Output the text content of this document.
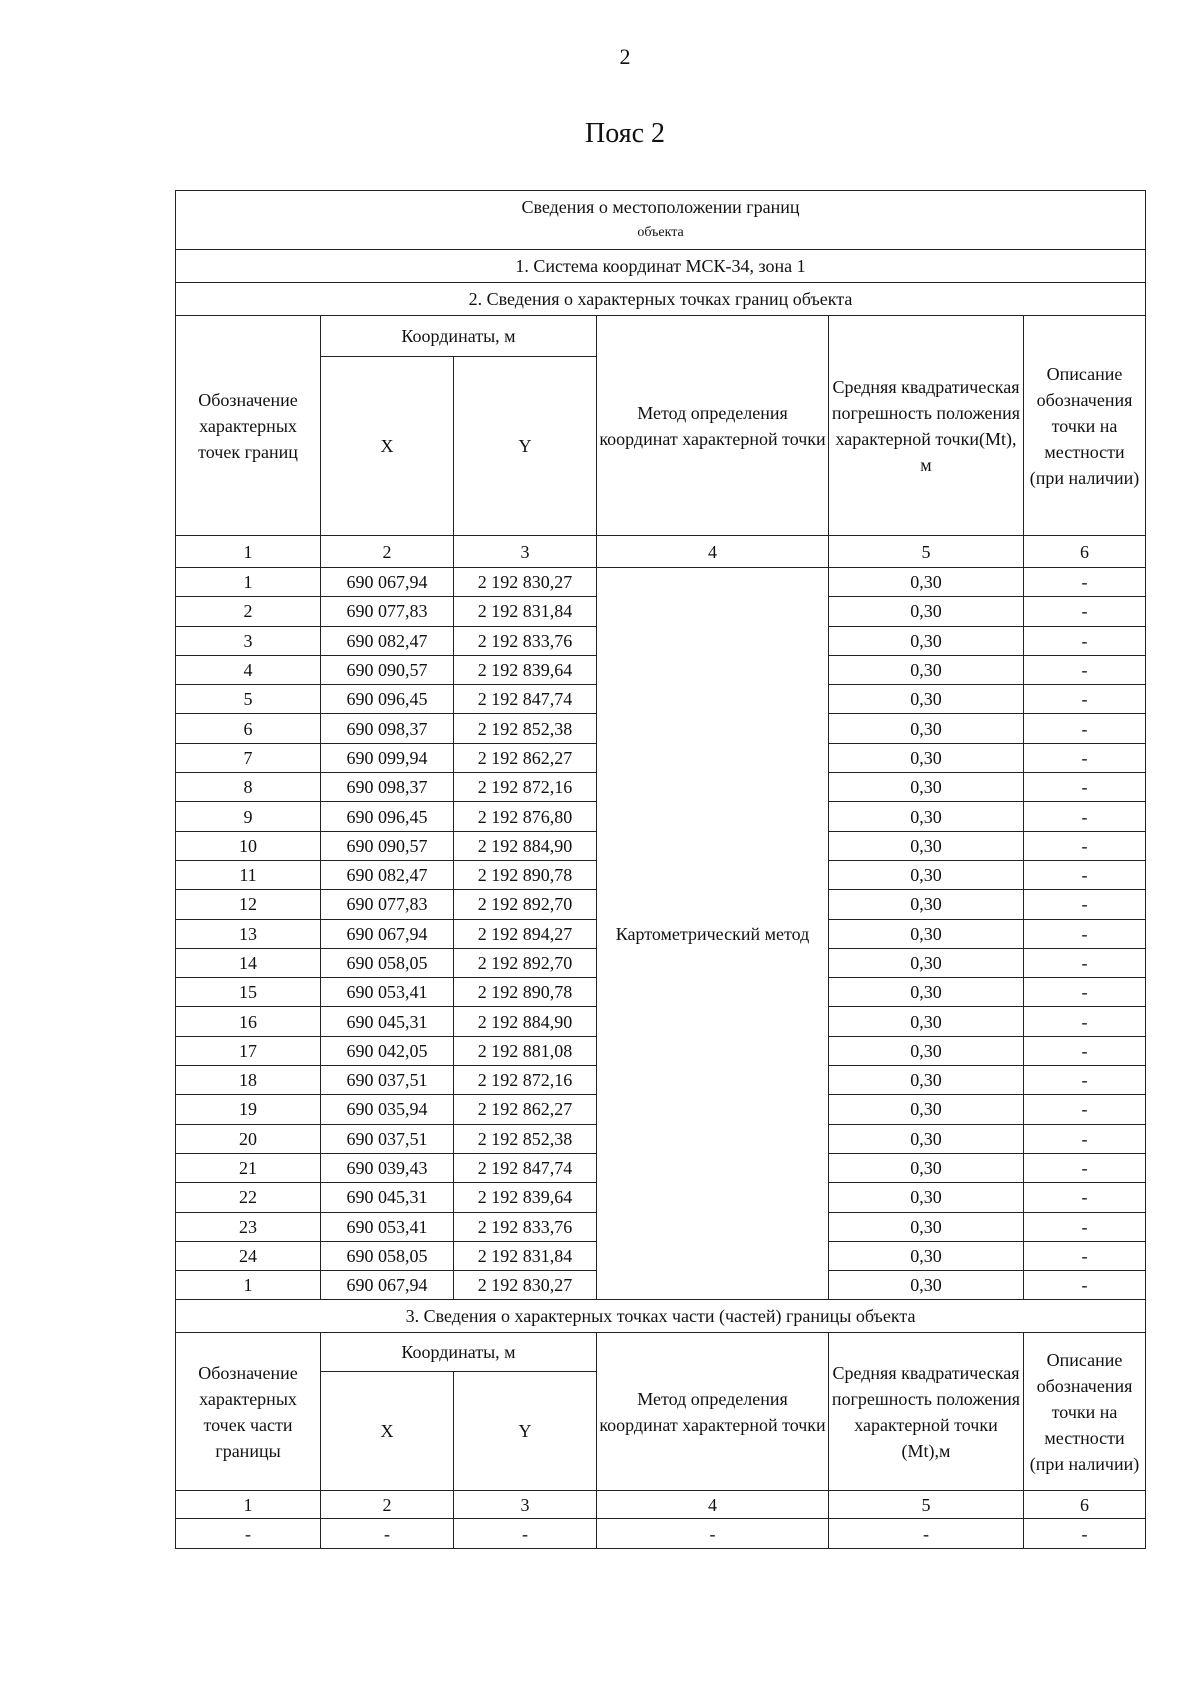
2
Пояс 2
Сведения о местоположении границ
объекта					

1. Система координат МСК-34, зона 1					
2. Сведения о характерных точках границ объекта					
Обозначение характерных точек границ	Координаты, м		Метод определения координат характерной точки	Средняя квадратическая погрешность положения характерной точки(Mt), м	Описание обозначения точки на местности (при наличии)
	X	Y			
1	2	3	4	5	6
1	690 067,94	2 192 830,27	Картометрический метод	0,30	-
2	690 077,83	2 192 831,84		0,30	-
3	690 082,47	2 192 833,76		0,30	-
4	690 090,57	2 192 839,64		0,30	-
5	690 096,45	2 192 847,74		0,30	-
6	690 098,37	2 192 852,38		0,30	-
7	690 099,94	2 192 862,27		0,30	-
8	690 098,37	2 192 872,16		0,30	-
9	690 096,45	2 192 876,80		0,30	-
10	690 090,57	2 192 884,90		0,30	-
11	690 082,47	2 192 890,78		0,30	-
12	690 077,83	2 192 892,70		0,30	-
13	690 067,94	2 192 894,27		0,30	-
14	690 058,05	2 192 892,70		0,30	-
15	690 053,41	2 192 890,78		0,30	-
16	690 045,31	2 192 884,90		0,30	-
17	690 042,05	2 192 881,08		0,30	-
18	690 037,51	2 192 872,16		0,30	-
19	690 035,94	2 192 862,27		0,30	-
20	690 037,51	2 192 852,38		0,30	-
21	690 039,43	2 192 847,74		0,30	-
22	690 045,31	2 192 839,64		0,30	-
23	690 053,41	2 192 833,76		0,30	-
24	690 058,05	2 192 831,84		0,30	-
1	690 067,94	2 192 830,27		0,30	-
3. Сведения о характерных точках части (частей) границы объекта					
Обозначение характерных точек части границы	Координаты, м		Метод определения координат характерной точки	Средняя квадратическая погрешность положения характерной точки (Mt),м	Описание обозначения точки на местности (при наличии)
	X	Y			
1	2	3	4	5	6
-	-	-	-	-	-
